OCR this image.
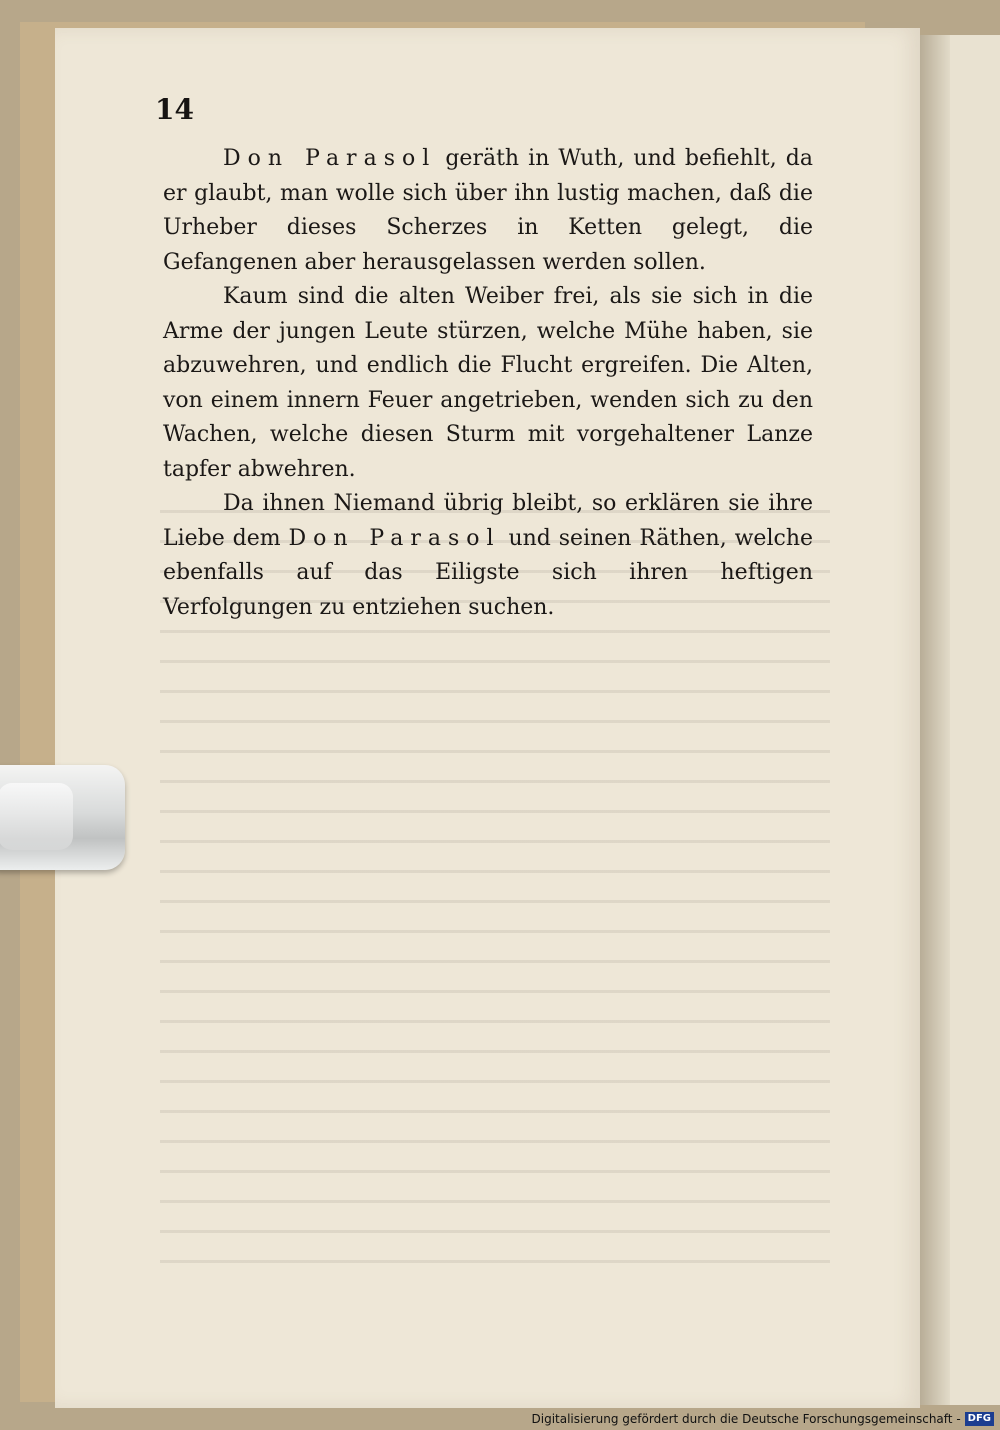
14

Don Parasol geräth in Wuth, und befiehlt, da er glaubt, man wolle sich über ihn lustig machen, daß die Urheber dieses Scherzes in Ketten gelegt, die Gefangenen aber herausgelassen werden sollen.

Kaum sind die alten Weiber frei, als sie sich in die Arme der jungen Leute stürzen, welche Mühe haben, sie abzuwehren, und endlich die Flucht ergreifen. Die Alten, von einem innern Feuer angetrieben, wenden sich zu den Wachen, welche diesen Sturm mit vorgehaltener Lanze tapfer abwehren.

Da ihnen Niemand übrig bleibt, so erklären sie ihre Liebe dem Don Parasol und seinen Räthen, welche ebenfalls auf das Eiligste sich ihren heftigen Verfolgungen zu entziehen suchen.

Digitalisierung gefördert durch die Deutsche Forschungsgemeinschaft - DFG
